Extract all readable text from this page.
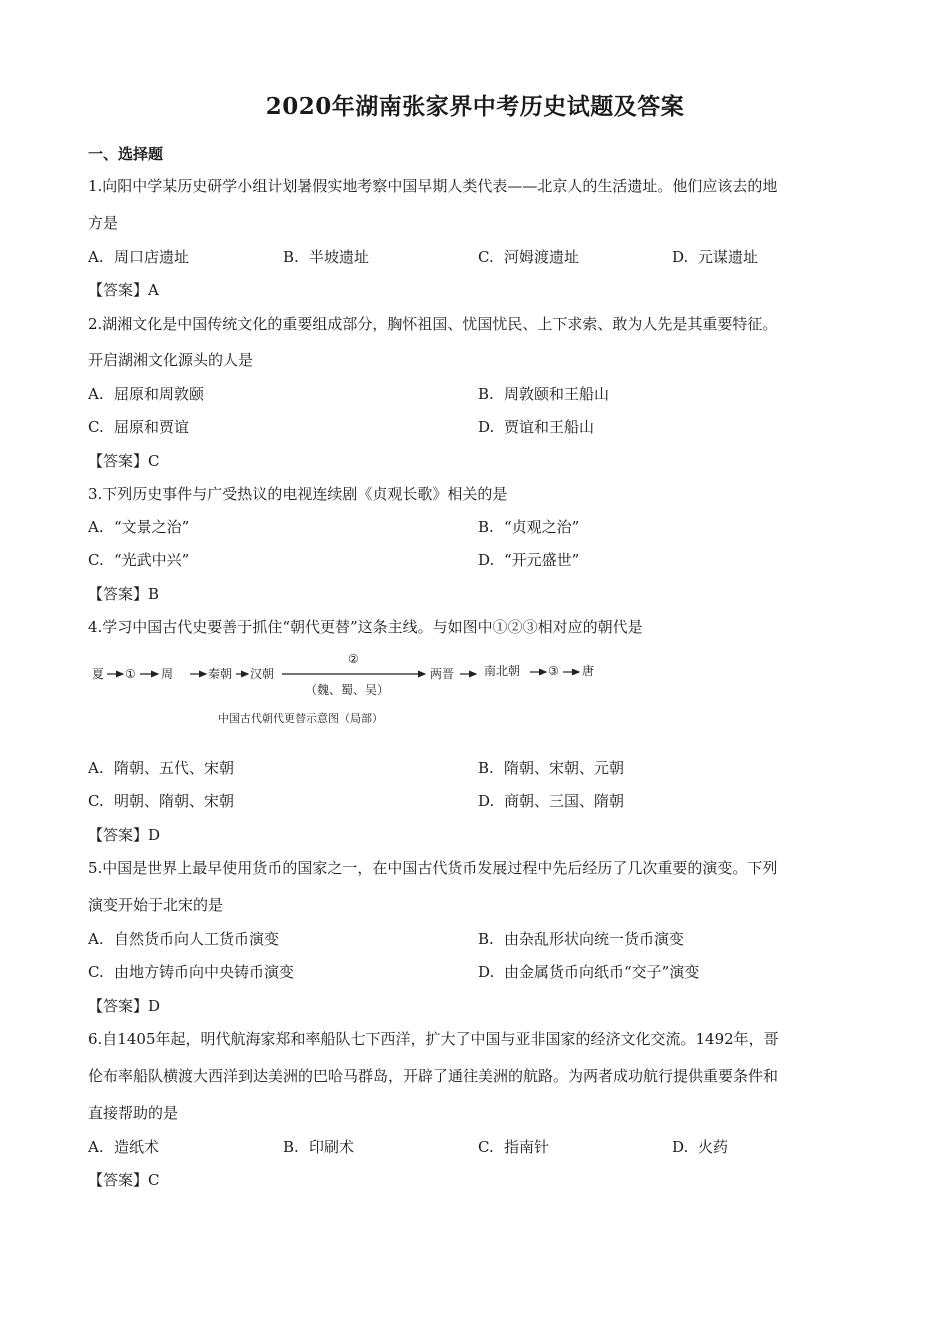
2020年湖南张家界中考历史试题及答案
一、选择题
1.向阳中学某历史研学小组计划暑假实地考察中国早期人类代表——北京人的生活遗址。他们应该去的地
方是
A. 周口店遗址	B. 半坡遗址	C. 河姆渡遗址	D. 元谋遗址
【答案】A
2.湖湘文化是中国传统文化的重要组成部分，胸怀祖国、忧国忧民、上下求索、敢为人先是其重要特征。
开启湖湘文化源头的人是
A. 屈原和周敦颐	B. 周敦颐和王船山
C. 屈原和贾谊	D. 贾谊和王船山
【答案】C
3.下列历史事件与广受热议的电视连续剧《贞观长歌》相关的是
A. “文景之治”	B. “贞观之治”
C. “光武中兴”	D. “开元盛世”
【答案】B
4.学习中国古代史要善于抓住“朝代更替”这条主线。与如图中①②③相对应的朝代是
夏 ① 周	秦朝 汉朝
②
（魏、蜀、吴）
两晋 南北朝 ③ 唐
中国古代朝代更替示意图（局部）
A. 隋朝、五代、宋朝	B. 隋朝、宋朝、元朝
C. 明朝、隋朝、宋朝	D. 商朝、三国、隋朝
【答案】D
5.中国是世界上最早使用货币的国家之一，在中国古代货币发展过程中先后经历了几次重要的演变。下列
演变开始于北宋的是
A. 自然货币向人工货币演变	B. 由杂乱形状向统一货币演变
C. 由地方铸币向中央铸币演变	D. 由金属货币向纸币“交子”演变
【答案】D
6.自1405年起，明代航海家郑和率船队七下西洋，扩大了中国与亚非国家的经济文化交流。1492年，哥
伦布率船队横渡大西洋到达美洲的巴哈马群岛，开辟了通往美洲的航路。为两者成功航行提供重要条件和
直接帮助的是
A. 造纸术	B. 印刷术	C. 指南针	D. 火药
【答案】C
